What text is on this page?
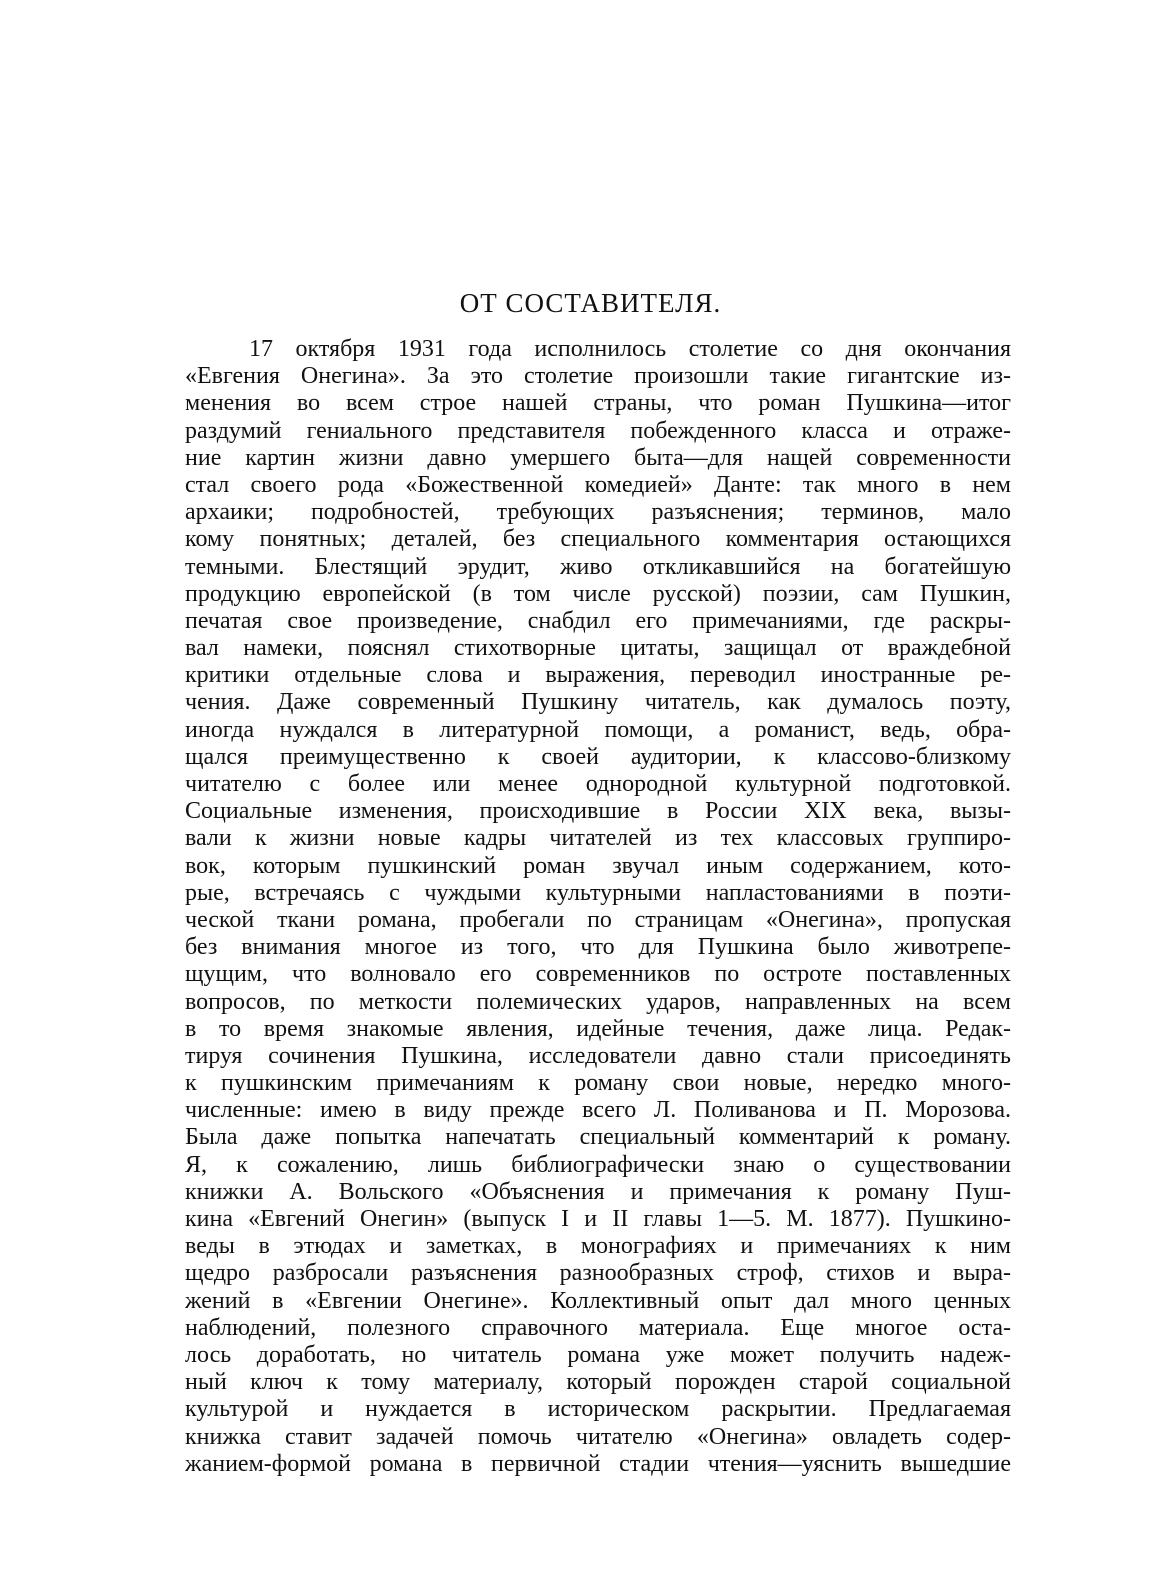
ОТ СОСТАВИТЕЛЯ.
17 октября 1931 года исполнилось столетие со дня окончания
«Евгения Онегина». За это столетие произошли такие гигантские из-
менения во всем строе нашей страны, что роман Пушкина—итог
раздумий гениального представителя побежденного класса и отраже-
ние картин жизни давно умершего быта—для нащей современности
стал своего рода «Божественной комедией» Данте: так много в нем
архаики; подробностей, требующих разъяснения; терминов, мало
кому понятных; деталей, без специального комментария остающихся
темными. Блестящий эрудит, живо откликавшийся на богатейшую
продукцию европейской (в том числе русской) поэзии, сам Пушкин,
печатая свое произведение, снабдил его примечаниями, где раскры-
вал намеки, пояснял стихотворные цитаты, защищал от враждебной
критики отдельные слова и выражения, переводил иностранные ре-
чения. Даже современный Пушкину читатель, как думалось поэту,
иногда нуждался в литературной помощи, а романист, ведь, обра-
щался преимущественно к своей аудитории, к классово-близкому
читателю с более или менее однородной культурной подготовкой.
Социальные изменения, происходившие в России XIX века, вызы-
вали к жизни новые кадры читателей из тех классовых группиро-
вок, которым пушкинский роман звучал иным содержанием, кото-
рые, встречаясь с чуждыми культурными напластованиями в поэти-
ческой ткани романа, пробегали по страницам «Онегина», пропуская
без внимания многое из того, что для Пушкина было животрепе-
щущим, что волновало его современников по остроте поставленных
вопросов, по меткости полемических ударов, направленных на всем
в то время знакомые явления, идейные течения, даже лица. Редак-
тируя сочинения Пушкина, исследователи давно стали присоединять
к пушкинским примечаниям к роману свои новые, нередко много-
численные: имею в виду прежде всего Л. Поливанова и П. Морозова.
Была даже попытка напечатать специальный комментарий к роману.
Я, к сожалению, лишь библиографически знаю о существовании
книжки А. Вольского «Объяснения и примечания к роману Пуш-
кина «Евгений Онегин» (выпуск I и II главы 1—5. М. 1877). Пушкино-
веды в этюдах и заметках, в монографиях и примечаниях к ним
щедро разбросали разъяснения разнообразных строф, стихов и выра-
жений в «Евгении Онегине». Коллективный опыт дал много ценных
наблюдений, полезного справочного материала. Еще многое оста-
лось доработать, но читатель романа уже может получить надеж-
ный ключ к тому материалу, который порожден старой социальной
культурой и нуждается в историческом раскрытии. Предлагаемая
книжка ставит задачей помочь читателю «Онегина» овладеть содер-
жанием-формой романа в первичной стадии чтения—уяснить вышедшие
